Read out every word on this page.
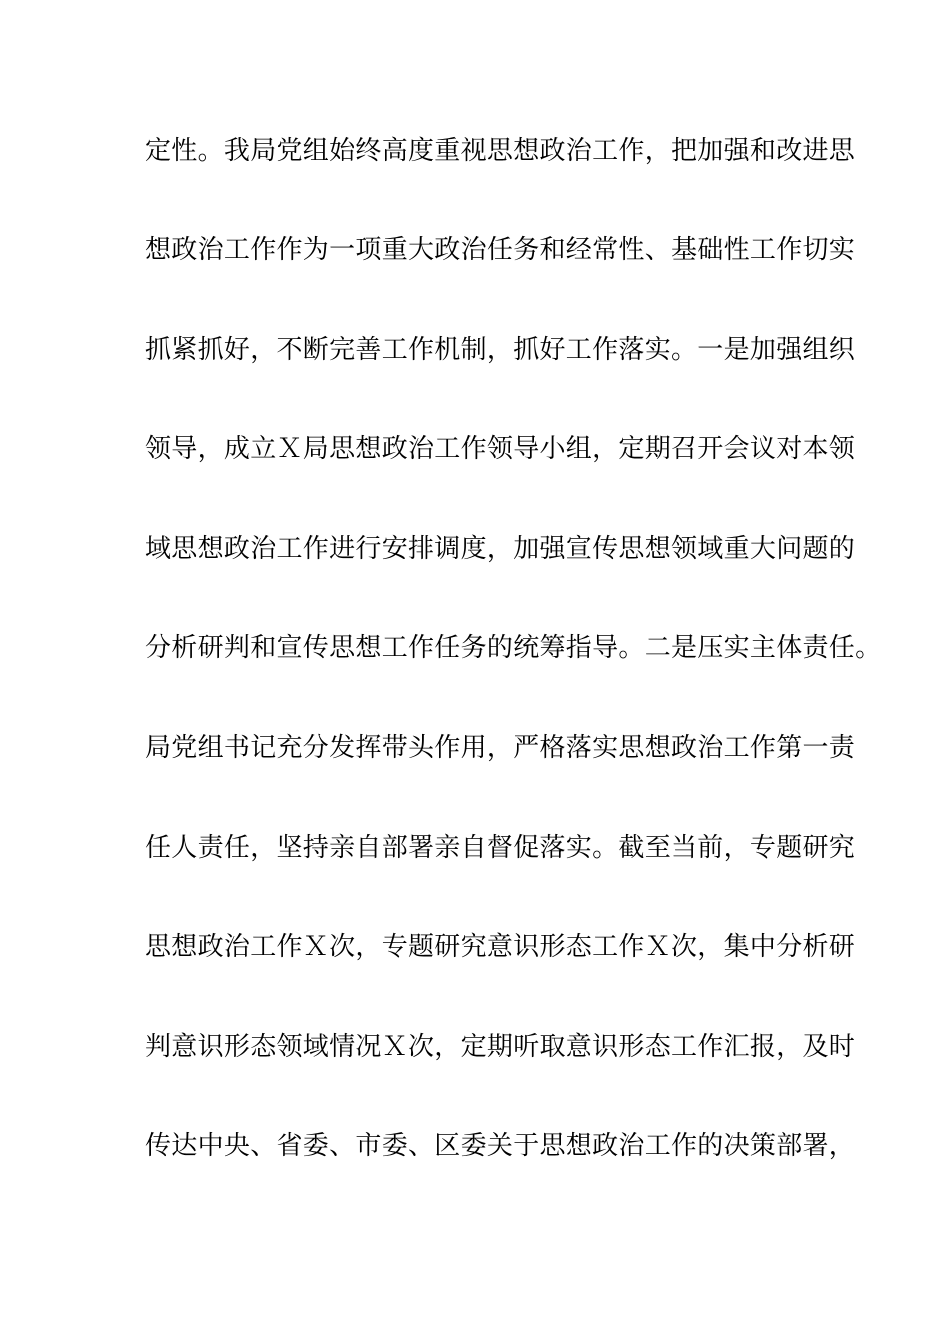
定性。我局党组始终高度重视思想政治工作，把加强和改进思
想政治工作作为一项重大政治任务和经常性、基础性工作切实
抓紧抓好，不断完善工作机制，抓好工作落实。一是加强组织
领导，成立Ｘ局思想政治工作领导小组，定期召开会议对本领
域思想政治工作进行安排调度，加强宣传思想领域重大问题的
分析研判和宣传思想工作任务的统筹指导。二是压实主体责任。
局党组书记充分发挥带头作用，严格落实思想政治工作第一责
任人责任，坚持亲自部署亲自督促落实。截至当前，专题研究
思想政治工作Ｘ次，专题研究意识形态工作Ｘ次，集中分析研
判意识形态领域情况Ｘ次，定期听取意识形态工作汇报，及时
传达中央、省委、市委、区委关于思想政治工作的决策部署，
